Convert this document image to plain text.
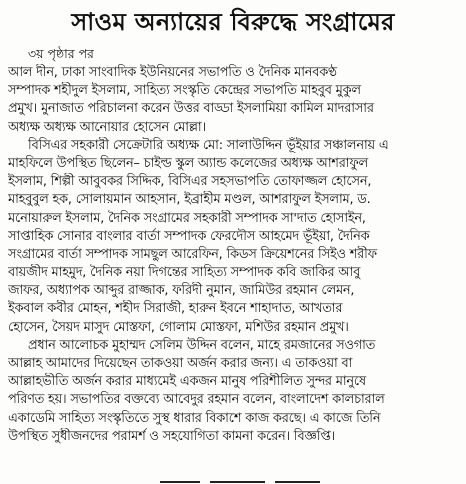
সাওম অন্যায়ের বিরুদ্ধে সংগ্রামের
৩য় পৃষ্ঠার পর
আল দীন, ঢাকা সাংবাদিক ইউনিয়নের সভাপতি ও দৈনিক মানবকণ্ঠ
সম্পাদক শহীদুল ইসলাম, সাহিত্য সংস্কৃতি কেন্দ্রের সভাপতি মাহবুব মুকুল
প্রমুখ। মুনাজাত পরিচালনা করেন উত্তর বাড্ডা ইসলামিয়া কামিল মাদরাসার
অধ্যক্ষ অধ্যক্ষ আনোয়ার হোসেন মোল্লা।
বিসিএর সহকারী সেক্রেটারি অধ্যক্ষ মো: সালাউদ্দিন ভূঁইয়ার সঞ্চালনায় এ
মাহফিলে উপস্থিত ছিলেন– চাইল্ড স্কুল অ্যান্ড কলেজের অধ্যক্ষ আশরাফুল
ইসলাম, শিল্পী আবুবকর সিদ্দিক, বিসিএর সহসভাপতি তোফাজ্জল হোসেন,
মাহবুবুল হক, সোলায়মান আহসান, ইব্রাহীম মণ্ডল, আশরাফুল ইসলাম, ড.
মনোয়ারুল ইসলাম, দৈনিক সংগ্রামের সহকারী সম্পাদক সা'দাত হোসাইন,
সাপ্তাহিক সোনার বাংলার বার্তা সম্পাদক ফেরদৌস আহমেদ ভূঁইয়া, দৈনিক
সংগ্রামের বার্তা সম্পাদক সামছুল আরেফিন, কিডস ক্রিয়েশনের সিইও শরীফ
বায়জীদ মাহমুদ, দৈনিক নয়া দিগন্তের সাহিত্য সম্পাদক কবি জাকির আবু
জাফর, অধ্যাপক আব্দুর রাজ্জাক, ফরিদী নুমান, জামিউর রহমান লেমন,
ইকবাল কবীর মোহন, শহীদ সিরাজী, হারুন ইবনে শাহাদাত, আখতার
হোসেন, সৈয়দ মাসুদ মোস্তফা, গোলাম মোস্তফা, মশিউর রহমান প্রমুখ।
প্রধান আলোচক মুহাম্মদ সেলিম উদ্দিন বলেন, মাহে রমজানের সওগাত
আল্লাহ আমাদের দিয়েছেন তাকওয়া অর্জন করার জন্য। এ তাকওয়া বা
আল্লাহভীতি অর্জন করার মাধ্যমেই একজন মানুষ পরিশীলিত সুন্দর মানুষে
পরিণত হয়। সভাপতির বক্তব্যে আবেদুর রহমান বলেন, বাংলাদেশ কালচারাল
একাডেমি সাহিত্য সংস্কৃতিতে সুস্থ ধারার বিকাশে কাজ করছে। এ কাজে তিনি
উপস্থিত সুধীজনদের পরামর্শ ও সহযোগিতা কামনা করেন। বিজ্ঞপ্তি।
